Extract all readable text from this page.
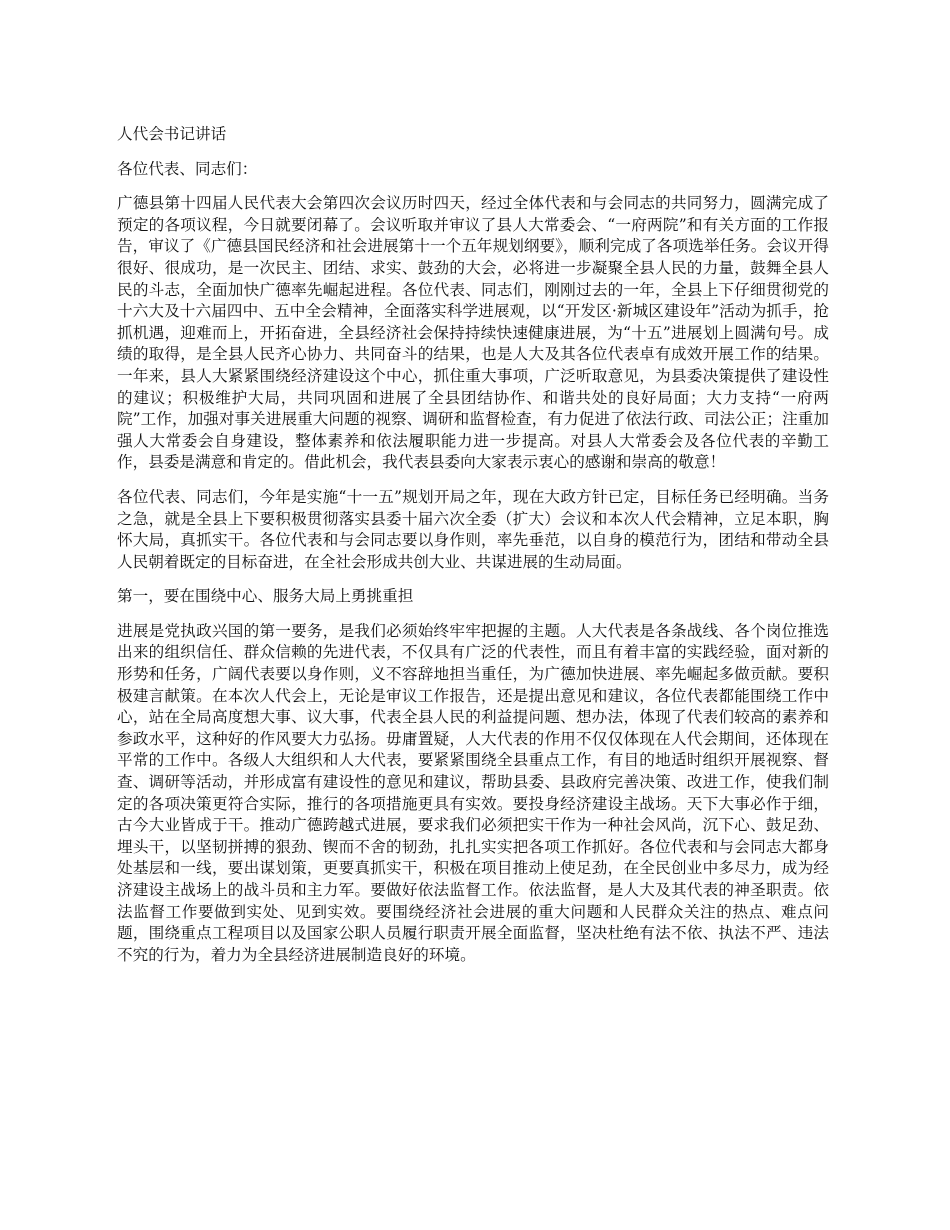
人代会书记讲话
各位代表、同志们：
广德县第十四届人民代表大会第四次会议历时四天，经过全体代表和与会同志的共同努力，圆满完成了预定的各项议程，今日就要闭幕了。会议听取并审议了县人大常委会、“一府两院”和有关方面的工作报告，审议了《广德县国民经济和社会进展第十一个五年规划纲要》，顺利完成了各项选举任务。会议开得很好、很成功，是一次民主、团结、求实、鼓劲的大会，必将进一步凝聚全县人民的力量，鼓舞全县人民的斗志，全面加快广德率先崛起进程。各位代表、同志们，刚刚过去的一年，全县上下仔细贯彻党的十六大及十六届四中、五中全会精神，全面落实科学进展观，以“开发区·新城区建设年”活动为抓手，抢抓机遇，迎难而上，开拓奋进，全县经济社会保持持续快速健康进展，为“十五”进展划上圆满句号。成绩的取得，是全县人民齐心协力、共同奋斗的结果，也是人大及其各位代表卓有成效开展工作的结果。一年来，县人大紧紧围绕经济建设这个中心，抓住重大事项，广泛听取意见，为县委决策提供了建设性的建议；积极维护大局，共同巩固和进展了全县团结协作、和谐共处的良好局面；大力支持“一府两院”工作，加强对事关进展重大问题的视察、调研和监督检查，有力促进了依法行政、司法公正；注重加强人大常委会自身建设，整体素养和依法履职能力进一步提高。对县人大常委会及各位代表的辛勤工作，县委是满意和肯定的。借此机会，我代表县委向大家表示衷心的感谢和崇高的敬意！
各位代表、同志们，今年是实施“十一五”规划开局之年，现在大政方针已定，目标任务已经明确。当务之急，就是全县上下要积极贯彻落实县委十届六次全委（扩大）会议和本次人代会精神，立足本职，胸怀大局，真抓实干。各位代表和与会同志要以身作则，率先垂范，以自身的模范行为，团结和带动全县人民朝着既定的目标奋进，在全社会形成共创大业、共谋进展的生动局面。
第一，要在围绕中心、服务大局上勇挑重担
进展是党执政兴国的第一要务，是我们必须始终牢牢把握的主题。人大代表是各条战线、各个岗位推选出来的组织信任、群众信赖的先进代表，不仅具有广泛的代表性，而且有着丰富的实践经验，面对新的形势和任务，广阔代表要以身作则，义不容辞地担当重任，为广德加快进展、率先崛起多做贡献。要积极建言献策。在本次人代会上，无论是审议工作报告，还是提出意见和建议，各位代表都能围绕工作中心，站在全局高度想大事、议大事，代表全县人民的利益提问题、想办法，体现了代表们较高的素养和参政水平，这种好的作风要大力弘扬。毋庸置疑，人大代表的作用不仅仅体现在人代会期间，还体现在平常的工作中。各级人大组织和人大代表，要紧紧围绕全县重点工作，有目的地适时组织开展视察、督查、调研等活动，并形成富有建设性的意见和建议，帮助县委、县政府完善决策、改进工作，使我们制定的各项决策更符合实际，推行的各项措施更具有实效。要投身经济建设主战场。天下大事必作于细，古今大业皆成于干。推动广德跨越式进展，要求我们必须把实干作为一种社会风尚，沉下心、鼓足劲、埋头干，以坚韧拼搏的狠劲、锲而不舍的韧劲，扎扎实实把各项工作抓好。各位代表和与会同志大都身处基层和一线，要出谋划策，更要真抓实干，积极在项目推动上使足劲，在全民创业中多尽力，成为经济建设主战场上的战斗员和主力军。要做好依法监督工作。依法监督，是人大及其代表的神圣职责。依法监督工作要做到实处、见到实效。要围绕经济社会进展的重大问题和人民群众关注的热点、难点问题，围绕重点工程项目以及国家公职人员履行职责开展全面监督，坚决杜绝有法不依、执法不严、违法不究的行为，着力为全县经济进展制造良好的环境。
